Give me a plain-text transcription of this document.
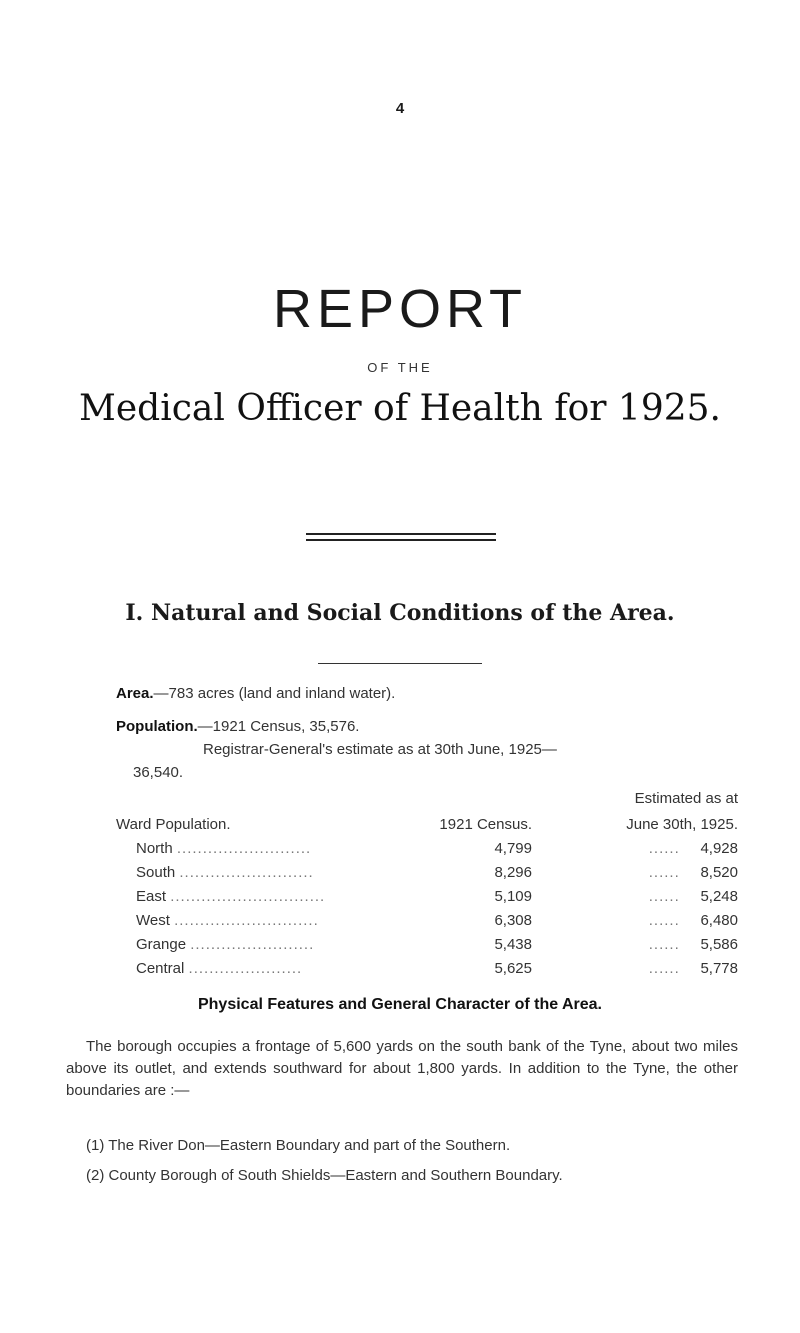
4
REPORT
OF THE
Medical Officer of Health for 1925.
I. Natural and Social Conditions of the Area.
Area.—783 acres (land and inland water).
Population.—1921 Census, 35,576.
Registrar-General's estimate as at 30th June, 1925—
36,540.
Estimated as at
Ward Population.	1921 Census.	June 30th, 1925.
North ..........................	4,799	......    4,928
South ..........................	8,296	......    8,520
East ..............................	5,109	......    5,248
West ............................	6,308	......    6,480
Grange ........................	5,438	......    5,586
Central ......................	5,625	......    5,778
Physical Features and General Character of the Area.
The borough occupies a frontage of 5,600 yards on the south bank of the Tyne, about two miles above its outlet, and extends southward for about 1,800 yards. In addition to the Tyne, the other boundaries are :—
(1) The River Don—Eastern Boundary and part of the Southern.
(2) County Borough of South Shields—Eastern and Southern Boundary.
